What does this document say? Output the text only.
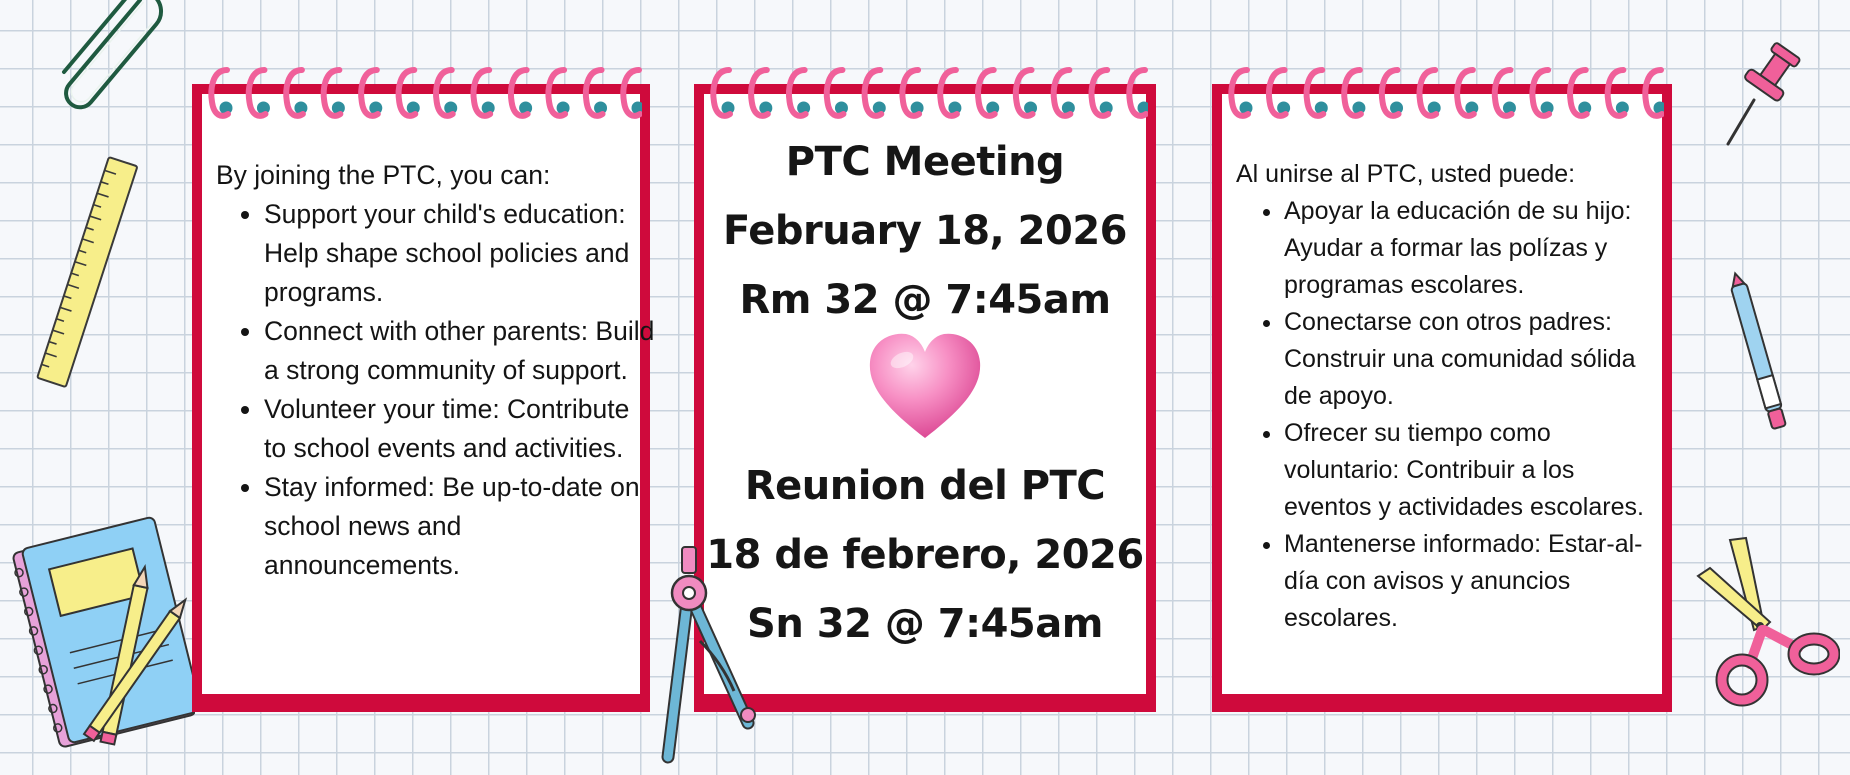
By joining the PTC, you can:

• Support your child's education: Help shape school policies and programs.
• Connect with other parents: Build a strong community of support.
• Volunteer your time: Contribute to school events and activities.
• Stay informed: Be up-to-date on school news and announcements.
PTC Meeting
February 18, 2026
Rm 32 @ 7:45am
Reunion del PTC
18 de febrero, 2026
Sn 32 @ 7:45am

Al unirse al PTC, usted puede:

• Apoyar la educación de su hijo: Ayudar a formar las polízas y programas escolares.
• Conectarse con otros padres: Construir una comunidad sólida de apoyo.
• Ofrecer su tiempo como voluntario: Contribuir a los eventos y actividades escolares.
• Mantenerse informado: Estar-al-día con avisos y anuncios escolares.
